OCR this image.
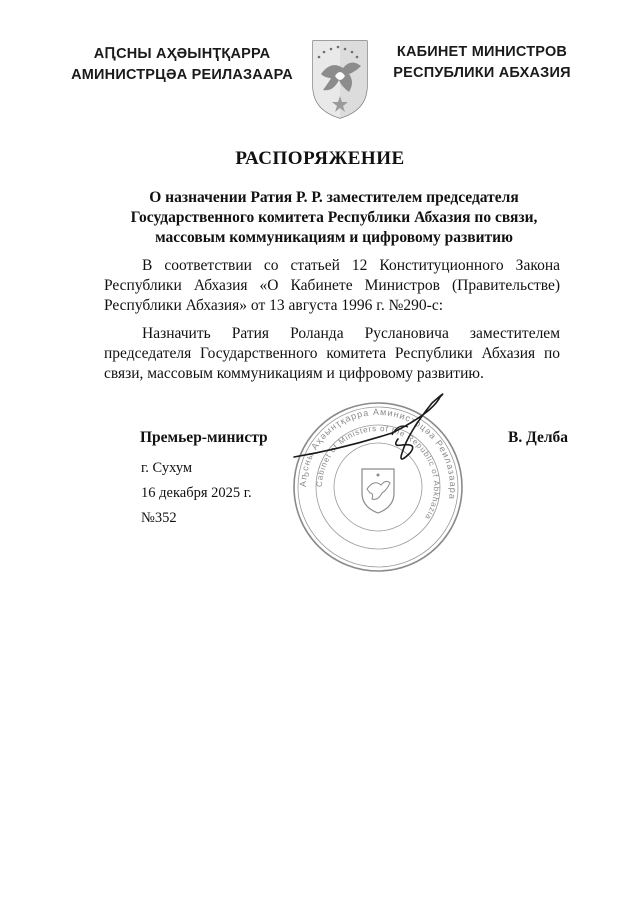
АԤСНЫ АҲӘЫНҬҚАРРА
АМИНИСТРЦӘА РЕИЛАЗААРА
КАБИНЕТ МИНИСТРОВ
РЕСПУБЛИКИ АБХАЗИЯ
РАСПОРЯЖЕНИЕ
О назначении Ратия Р. Р. заместителем председателя Государственного комитета Республики Абхазия по связи, массовым коммуникациям и цифровому развитию
В соответствии со статьей 12 Конституционного Закона Республики Абхазия «О Кабинете Министров (Правительстве) Республики Абхазия» от 13 августа 1996 г. №290-с:
Назначить Ратия Роланда Руслановича заместителем председателя Государственного комитета Республики Абхазия по связи, массовым коммуникациям и цифровому развитию.
Аҧсны Аҳәынҭқарра Аминистрцәа Реилазаара
Cabinet of Ministers of the Republic of Abkhazia
Премьер-министр	В. Делба
г. Сухум
16 декабря 2025 г.
№352
